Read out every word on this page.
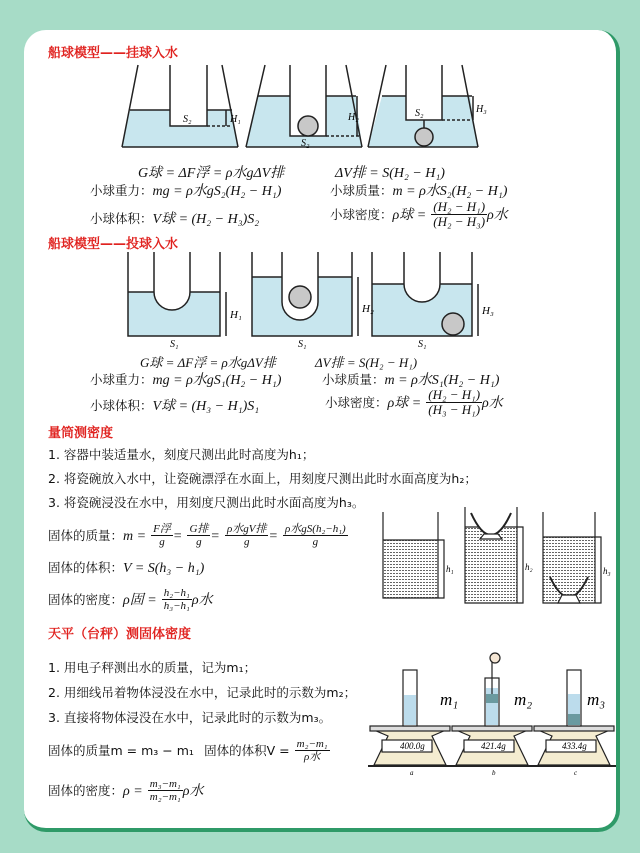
船球模型——挂球入水
S₂	H₁
S₂
H₂	S₂	H₃
G球 = ΔF浮 = ρ水gΔV排	ΔV排 = S(H₂ − H₁)
小球重力：mg = ρ水gS₂(H₂ − H₁)	小球质量：m = ρ水S₂(H₂ − H₁)
小球体积：V球 = (H₂ − H₃)S₂	小球密度：ρ球 = $\frac{\text{(H₂ − H₁)}}{\text{(H₂ − H₃)}}$ ρ水
船球模型——投球入水
S₁
H₁
S₁
H₂
S₁
H₃
G球 = ΔF浮 = ρ水gΔV排	ΔV排 = S(H₂ − H₁)
小球重力：mg = ρ水gS₁(H₂ − H₁)	小球质量：m = ρ水S₁(H₂ − H₁)
小球体积：V球 = (H₃ − H₁)S₁	小球密度：ρ球 = $\frac{\text{(H₂ − H₁)}}{\text{(H₃ − H₁)}}$ ρ水
量筒测密度
1. 容器中装适量水，刻度尺测出此时高度为h₁；
2. 将瓷碗放入水中，让瓷碗漂浮在水面上，用刻度尺测出此时水面高度为h₂；
3. 将瓷碗浸没在水中，用刻度尺测出此时水面高度为h₃。
固体的质量：$m = \frac{\text{F浮}}{g} = \frac{\text{G排}}{g} = \frac{\text{ρ水gV排}}{g} = \frac{\text{ρ水gS(h₂−h₁)}}{g}$
固体的体积：V = S(h₃ − h₁)
固体的密度：ρ固 = $\frac{\text{h₂−h₁}}{\text{h₃−h₁}}$ ρ水
h₁	h₂	h₃
天平（台秤）测固体密度
1. 用电子秤测出水的质量，记为m₁；
2. 用细线吊着物体浸没在水中，记录此时的示数为m₂；
3. 直接将物体浸没在水中，记录此时的示数为m₃。
固体的质量m = m₃ − m₁ 固体的体积$V = \frac{\text{m₂−m₁}}{\text{ρ水}}$
固体的密度：$\rho = \frac{\text{m₃−m₁}}{\text{m₂−m₁}}$ ρ水
m₁	m₂	m₃
400.0g	421.4g	433.4g
a	b	c
